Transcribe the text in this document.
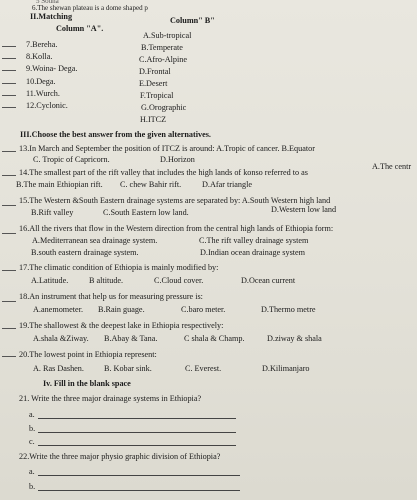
5 Souna
6.The shewan plateau is a dome shaped p
II.Matching	Column" B"
Column "A".
7.Bereha.
8.Kolla.
9.Woina- Dega.
10.Dega.
11.Wurch.
12.Cyclonic.
A.Sub-tropical
B.Temperate
C.Afro-Alpine
D.Frontal
E.Desert
F.Tropical
G.Orographic
H.ITCZ
III.Choose the best answer from the given alternatives.
13.In March and September the position of ITCZ is around: A.Tropic of cancer. B.Equator
C. Tropic of Capricorn.	D.Horizon
14.The smallest part of the rift valley that includes the high lands of konso referred to as
A.The centr
B.The main Ethiopian rift. C. chew Bahir rift.	D.Afar triangle
15.The Western &South Eastern drainage systems are separated by: A.South Western high land
B.Rift valley	C.South Eastern low land.	D.Western low land
16.All the rivers that flow in the Western direction from the central high lands of Ethiopia form:
A.Mediterranean sea drainage system.	C.The rift valley drainage system
B.south eastern drainage system.	D.Indian ocean drainage system
17.The climatic condition of Ethiopia is mainly modified by:
A.Latitude.	B altitude.	C.Cloud cover.	D.Ocean current
18.An instrument that help us for measuring pressure is:
A.anemometer. B.Rain guage.	C.baro meter.	D.Thermo metre
19.The shallowest & the deepest lake in Ethiopia respectively:
A.shala &Ziway. B.Abay & Tana.	C shala & Champ.	D.ziway & shala
20.The lowest point in Ethiopia represent:
A. Ras Dashen. B. Kobar sink.	C. Everest.	D.Kilimanjaro
Iv. Fill in the blank space
21. Write the three major drainage systems in Ethiopia?
a.
b.
c.
22.Write the three major physio graphic division of Ethiopia?
a.
b.
